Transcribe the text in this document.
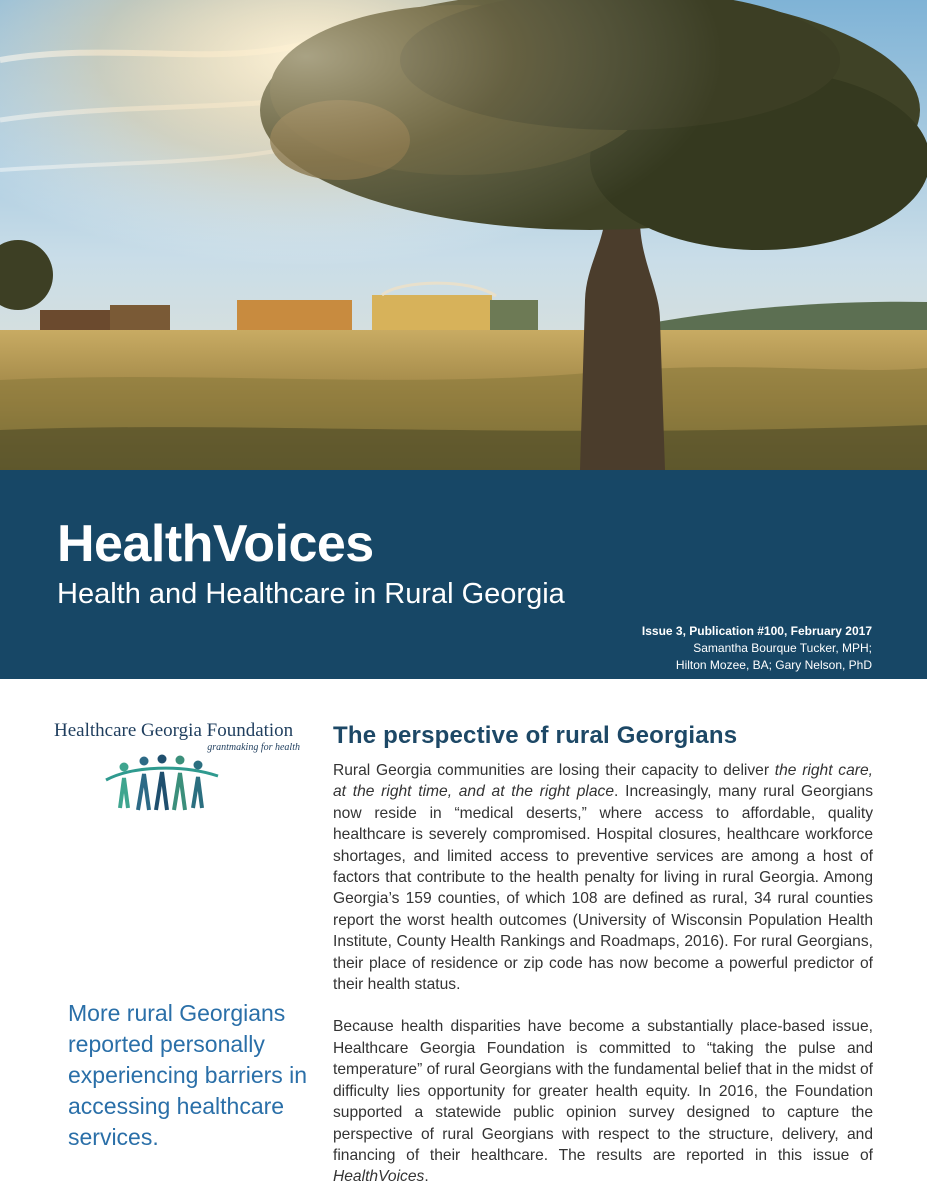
HealthVoices
Health and Healthcare in Rural Georgia
Issue 3, Publication #100, February 2017
Samantha Bourque Tucker, MPH;
Hilton Mozee, BA; Gary Nelson, PhD
Healthcare Georgia Foundation
grantmaking for health
More rural Georgians reported personally experiencing barriers in accessing healthcare services.
The perspective of rural Georgians

Rural Georgia communities are losing their capacity to deliver the right care, at the right time, and at the right place. Increasingly, many rural Georgians now reside in “medical deserts,” where access to affordable, quality healthcare is severely compromised. Hospital closures, healthcare workforce shortages, and limited access to preventive services are among a host of factors that contribute to the health penalty for living in rural Georgia. Among Georgia’s 159 counties, of which 108 are defined as rural, 34 rural counties report the worst health outcomes (University of Wisconsin Population Health Institute, County Health Rankings and Roadmaps, 2016). For rural Georgians, their place of residence or zip code has now become a powerful predictor of their health status.

Because health disparities have become a substantially place-based issue, Healthcare Georgia Foundation is committed to “taking the pulse and temperature” of rural Georgians with the fundamental belief that in the midst of difficulty lies opportunity for greater health equity. In 2016, the Foundation supported a statewide public opinion survey designed to capture the perspective of rural Georgians with respect to the structure, delivery, and financing of their healthcare. The results are reported in this issue of HealthVoices.
